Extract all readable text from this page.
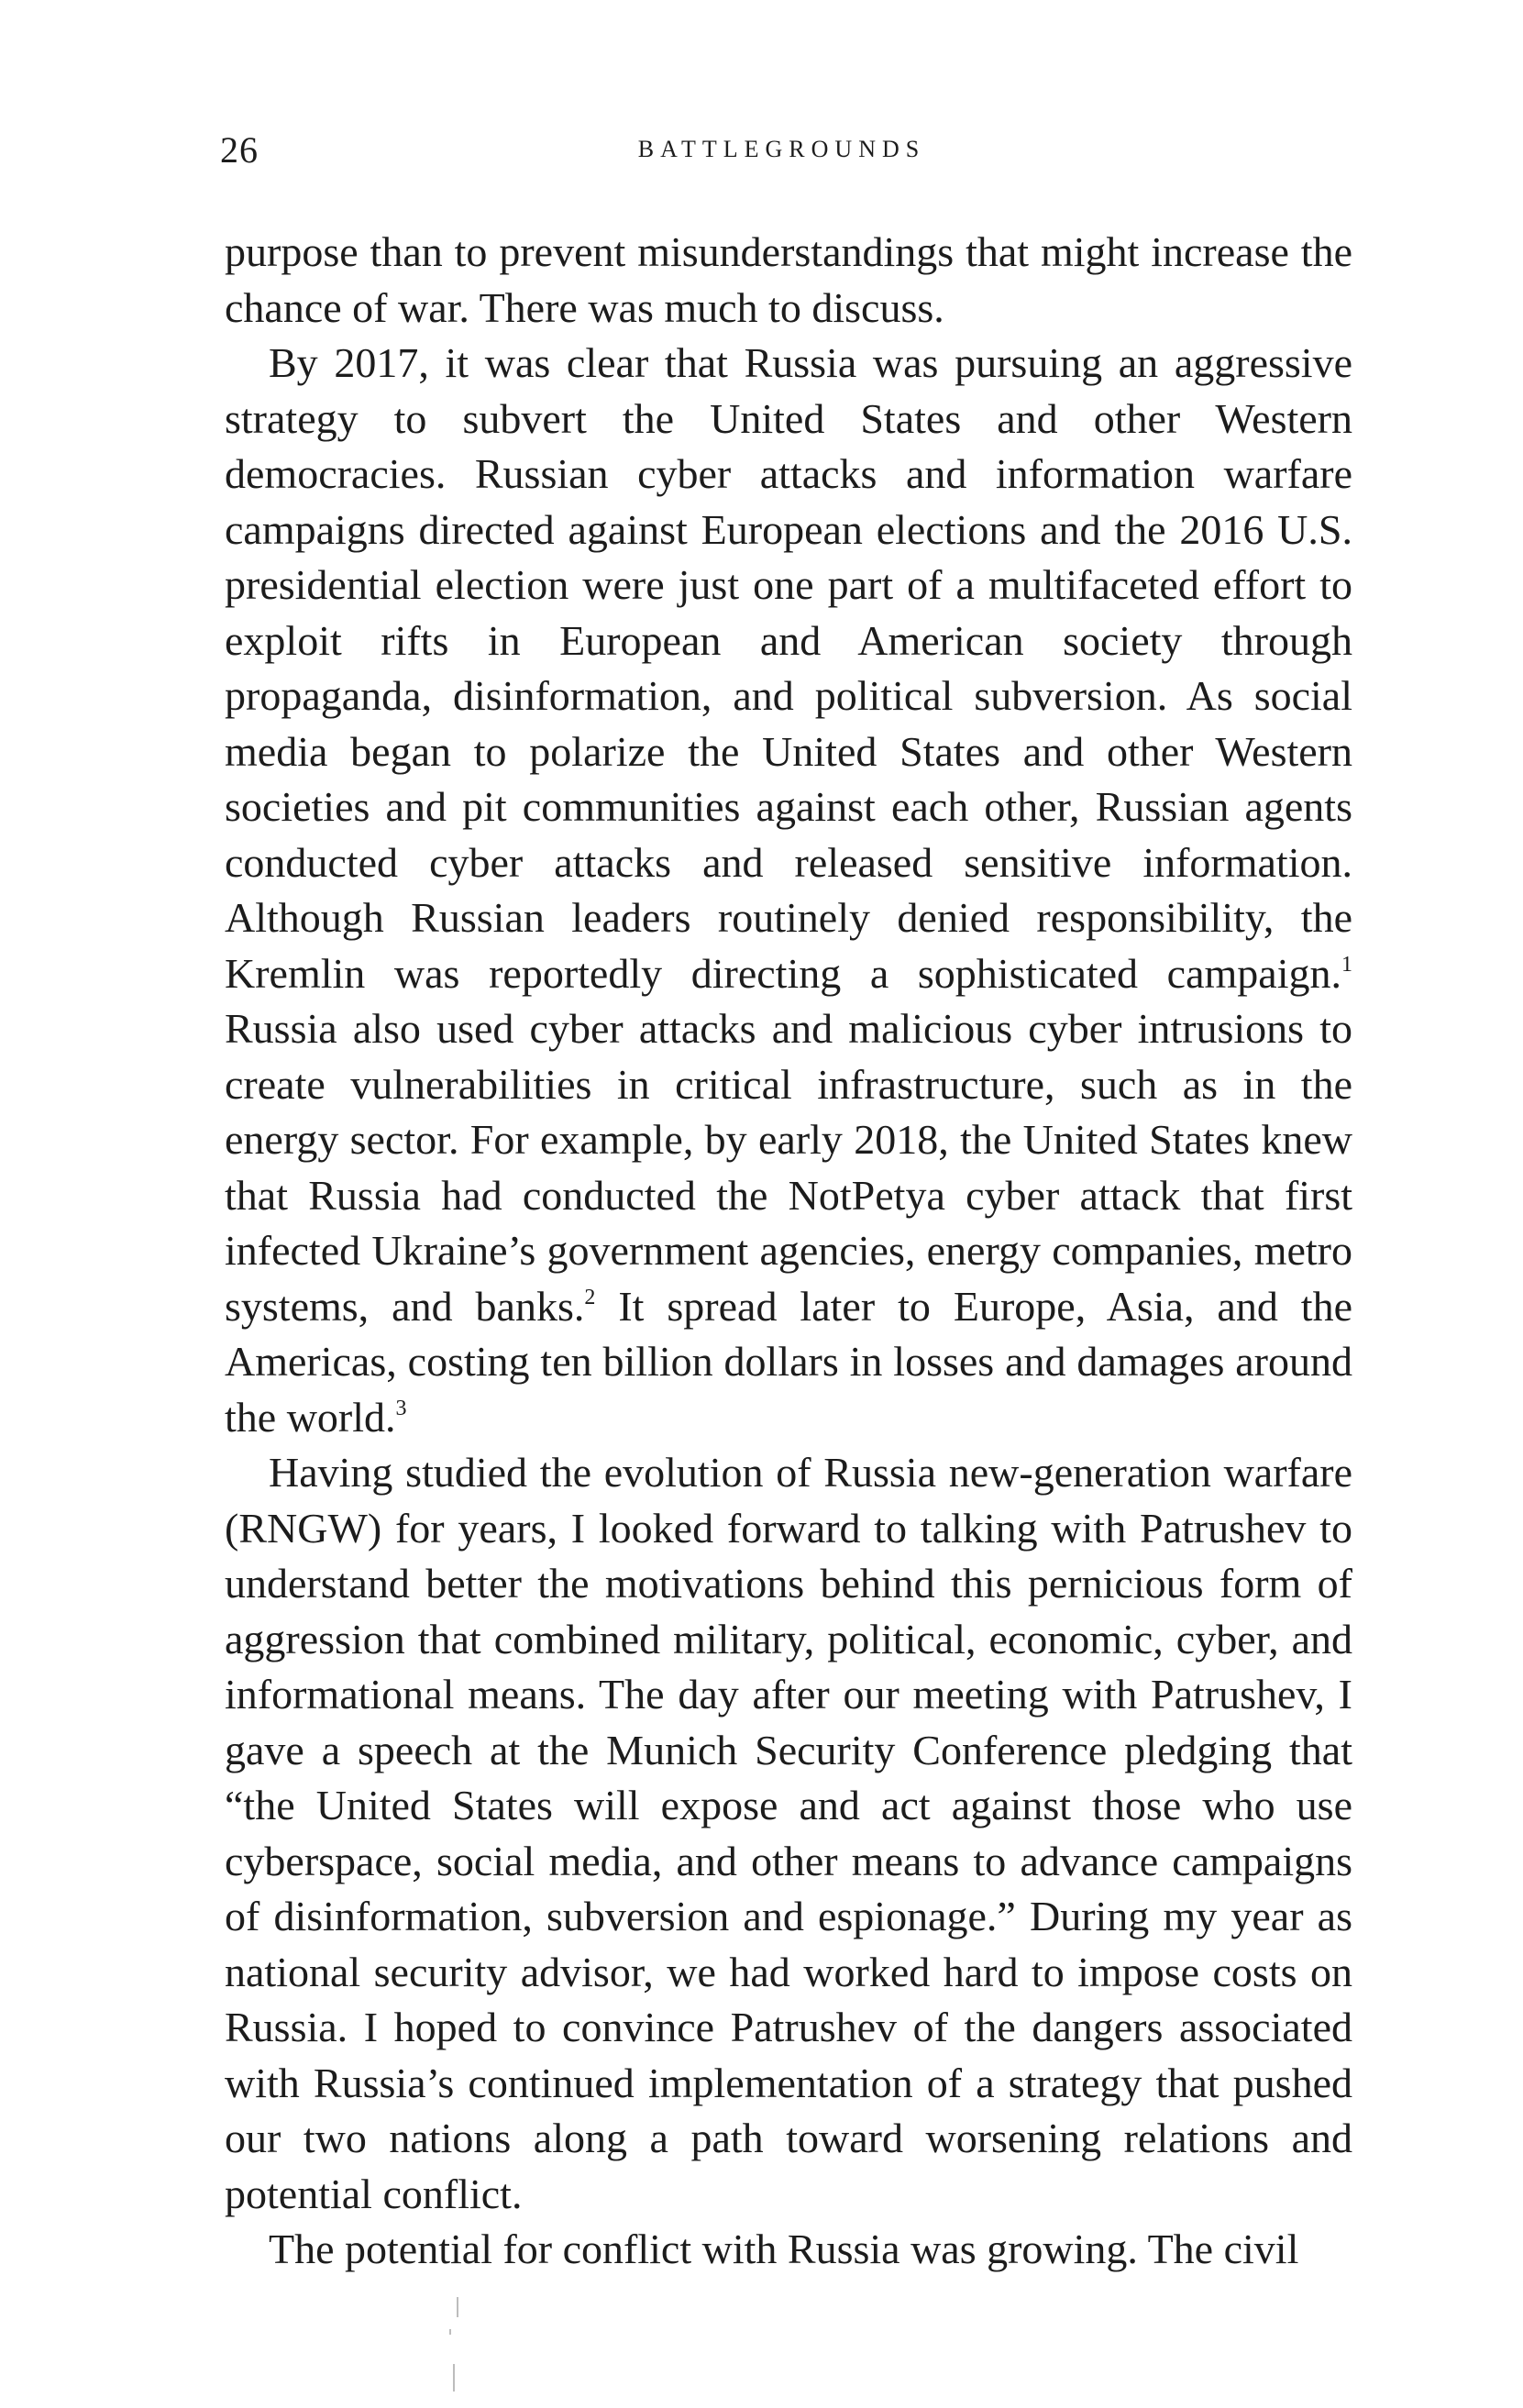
26	BATTLEGROUNDS

purpose than to prevent misunderstandings that might increase the chance of war. There was much to discuss.

By 2017, it was clear that Russia was pursuing an aggressive strategy to subvert the United States and other Western democracies. Russian cyber attacks and information warfare campaigns directed against European elections and the 2016 U.S. presidential election were just one part of a multifaceted effort to exploit rifts in European and American society through propaganda, disinformation, and political subversion. As social media began to polarize the United States and other Western societies and pit communities against each other, Russian agents conducted cyber attacks and released sensitive information. Although Russian leaders routinely denied responsibility, the Kremlin was reportedly directing a sophisticated campaign.$^1$ Russia also used cyber attacks and malicious cyber intrusions to create vulnerabilities in critical infrastructure, such as in the energy sector. For example, by early 2018, the United States knew that Russia had conducted the NotPetya cyber attack that first infected Ukraine’s government agencies, energy companies, metro systems, and banks.$^2$ It spread later to Europe, Asia, and the Americas, costing ten billion dollars in losses and damages around the world.$^3$

Having studied the evolution of Russia new-generation warfare (RNGW) for years, I looked forward to talking with Patrushev to understand better the motivations behind this pernicious form of aggression that combined military, political, economic, cyber, and informational means. The day after our meeting with Patrushev, I gave a speech at the Munich Security Conference pledging that “the United States will expose and act against those who use cyberspace, social media, and other means to advance campaigns of disinformation, subversion and espionage.” During my year as national security advisor, we had worked hard to impose costs on Russia. I hoped to convince Patrushev of the dangers associated with Russia’s continued implementation of a strategy that pushed our two nations along a path toward worsening relations and potential conflict.

The potential for conflict with Russia was growing. The civil
